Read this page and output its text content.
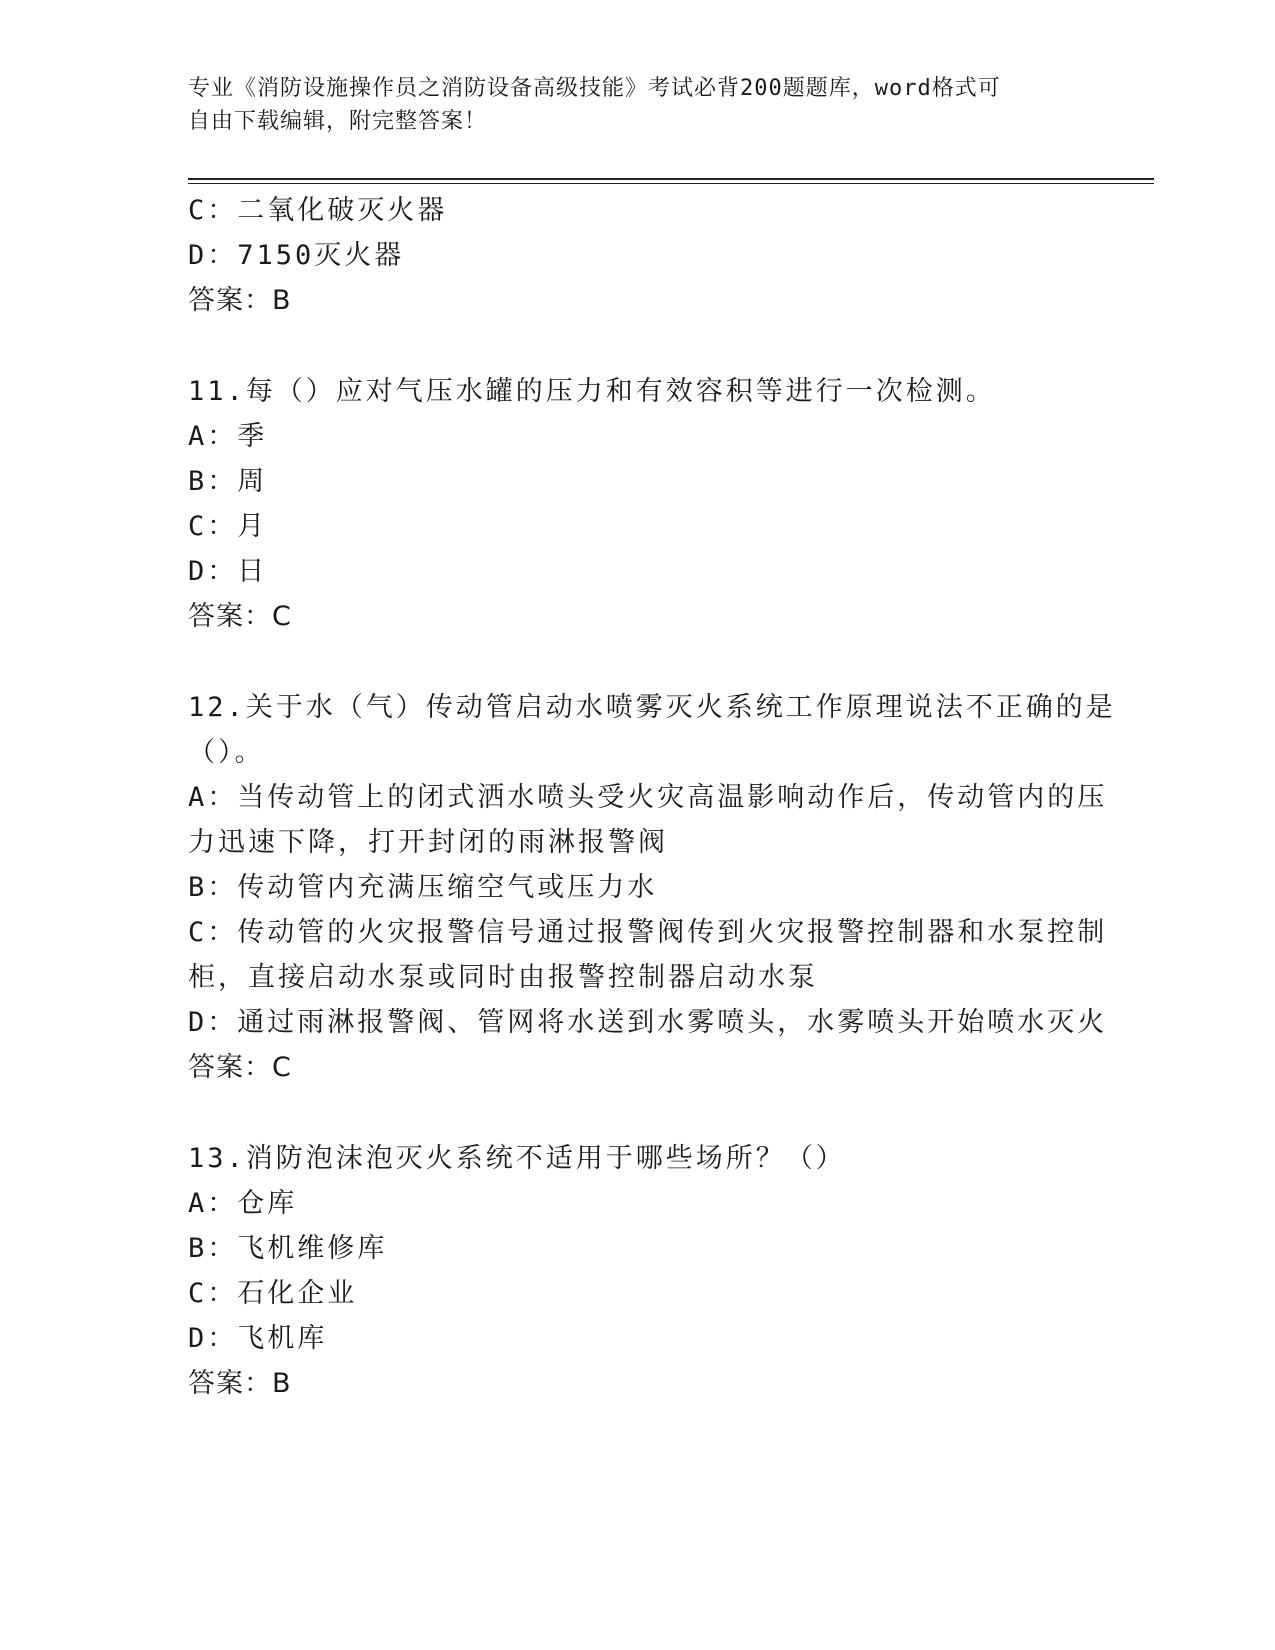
专业《消防设施操作员之消防设备高级技能》考试必背200题题库，word格式可
自由下载编辑，附完整答案！
C：二氧化破灭火器
D：7150灭火器
答案：B
11.每（）应对气压水罐的压力和有效容积等进行一次检测。
A：季
B：周
C：月
D：日
答案：C
12.关于水（气）传动管启动水喷雾灭火系统工作原理说法不正确的是
（）。
A：当传动管上的闭式洒水喷头受火灾高温影响动作后，传动管内的压
力迅速下降，打开封闭的雨淋报警阀
B：传动管内充满压缩空气或压力水
C：传动管的火灾报警信号通过报警阀传到火灾报警控制器和水泵控制
柜，直接启动水泵或同时由报警控制器启动水泵
D：通过雨淋报警阀、管网将水送到水雾喷头，水雾喷头开始喷水灭火
答案：C
13.消防泡沫泡灭火系统不适用于哪些场所？（）
A：仓库
B：飞机维修库
C：石化企业
D：飞机库
答案：B
